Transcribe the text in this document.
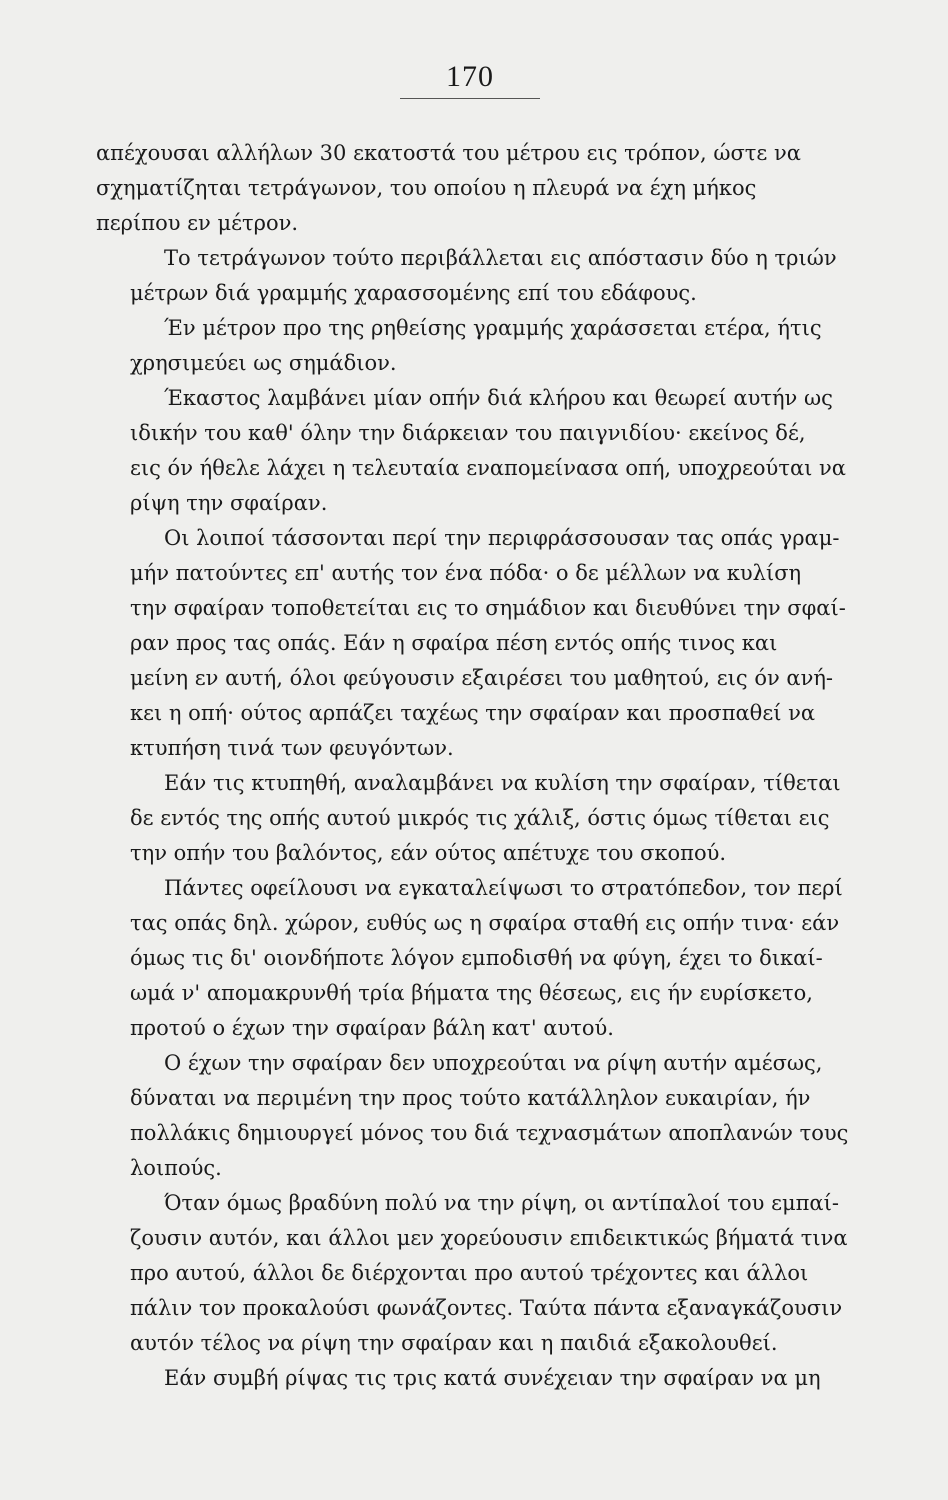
170
απέχουσαι αλλήλων 30 εκατοστά του μέτρου εις τρόπον, ώστε να
σχηματίζηται τετράγωνον, του οποίου η πλευρά να έχη μήκος
περίπου εν μέτρον.
Το τετράγωνον τούτο περιβάλλεται εις απόστασιν δύο η τριών
μέτρων διά γραμμής χαρασσομένης επί του εδάφους.
Έν μέτρον προ της ρηθείσης γραμμής χαράσσεται ετέρα, ήτις
χρησιμεύει ως σημάδιον.
Έκαστος λαμβάνει μίαν οπήν διά κλήρου και θεωρεί αυτήν ως
ιδικήν του καθ' όλην την διάρκειαν του παιγνιδίου· εκείνος δέ,
εις όν ήθελε λάχει η τελευταία εναπομείνασα οπή, υποχρεούται να
ρίψη την σφαίραν.
Οι λοιποί τάσσονται περί την περιφράσσουσαν τας οπάς γραμ-
μήν πατούντες επ' αυτής τον ένα πόδα· ο δε μέλλων να κυλίση
την σφαίραν τοποθετείται εις το σημάδιον και διευθύνει την σφαί-
ραν προς τας οπάς. Εάν η σφαίρα πέση εντός οπής τινος και
μείνη εν αυτή, όλοι φεύγουσιν εξαιρέσει του μαθητού, εις όν ανή-
κει η οπή· ούτος αρπάζει ταχέως την σφαίραν και προσπαθεί να
κτυπήση τινά των φευγόντων.
Εάν τις κτυπηθή, αναλαμβάνει να κυλίση την σφαίραν, τίθεται
δε εντός της οπής αυτού μικρός τις χάλιξ, όστις όμως τίθεται εις
την οπήν του βαλόντος, εάν ούτος απέτυχε του σκοπού.
Πάντες οφείλουσι να εγκαταλείψωσι το στρατόπεδον, τον περί
τας οπάς δηλ. χώρον, ευθύς ως η σφαίρα σταθή εις οπήν τινα· εάν
όμως τις δι' οιονδήποτε λόγον εμποδισθή να φύγη, έχει το δικαί-
ωμά ν' απομακρυνθή τρία βήματα της θέσεως, εις ήν ευρίσκετο,
προτού ο έχων την σφαίραν βάλη κατ' αυτού.
Ο έχων την σφαίραν δεν υποχρεούται να ρίψη αυτήν αμέσως,
δύναται να περιμένη την προς τούτο κατάλληλον ευκαιρίαν, ήν
πολλάκις δημιουργεί μόνος του διά τεχνασμάτων αποπλανών τους
λοιπούς.
Όταν όμως βραδύνη πολύ να την ρίψη, οι αντίπαλοί του εμπαί-
ζουσιν αυτόν, και άλλοι μεν χορεύουσιν επιδεικτικώς βήματά τινα
προ αυτού, άλλοι δε διέρχονται προ αυτού τρέχοντες και άλλοι
πάλιν τον προκαλούσι φωνάζοντες. Ταύτα πάντα εξαναγκάζουσιν
αυτόν τέλος να ρίψη την σφαίραν και η παιδιά εξακολουθεί.
Εάν συμβή ρίψας τις τρις κατά συνέχειαν την σφαίραν να μη
